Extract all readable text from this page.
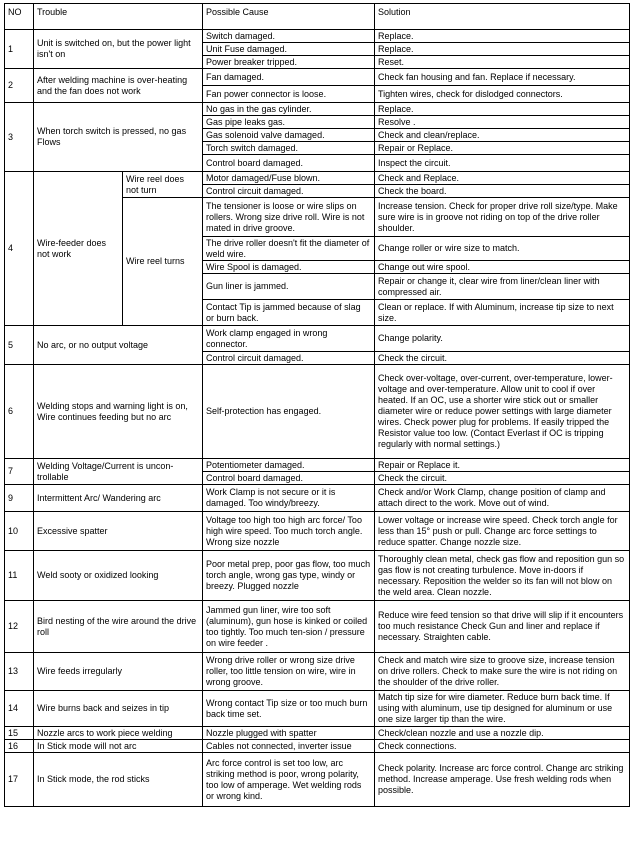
NO	Trouble		Possible Cause	Solution
1	Unit is switched on, but the power light isn't on		Switch damaged.	Replace.
			Unit Fuse damaged.	Replace.
			Power breaker tripped.	Reset.
2	After welding machine is over-heating and the fan does not work		Fan damaged.	Check fan housing and fan. Replace if necessary.
			Fan power connector is loose.	Tighten wires, check for dislodged connectors.
3	When torch switch is pressed, no gas Flows		No gas in the gas cylinder.	Replace.
			Gas pipe leaks gas.	Resolve .
			Gas solenoid valve damaged.	Check and clean/replace.
			Torch switch damaged.	Repair or Replace.
			Control board damaged.	Inspect the circuit.
4	Wire-feeder does not work	Wire reel does not turn	Motor damaged/Fuse blown.	Check and Replace.
			Control circuit damaged.	Check the board.
		Wire reel turns	The tensioner is loose or wire slips on rollers. Wrong size drive roll. Wire is not mated in drive groove.	Increase tension. Check for proper drive roll size/type. Make sure wire is in groove not riding on top of the drive roller shoulder.
			The drive roller doesn't fit the diameter of weld wire.	Change roller or wire size to match.
			Wire Spool is damaged.	Change out wire spool.
			Gun liner is jammed.	Repair or change it, clear wire from liner/clean liner with compressed air.
			Contact Tip is jammed because of slag or burn back.	Clean or replace. If with Aluminum, increase tip size to next size.
5	No arc, or no output voltage		Work clamp engaged in wrong connector.	Change polarity.
			Control circuit damaged.	Check the circuit.
6	Welding stops and warning light is on, Wire continues feeding but no arc		Self-protection has engaged.	Check over-voltage, over-current, over-temperature, lower-voltage and over-temperature. Allow unit to cool if over heated. If an OC, use a shorter wire stick out or smaller diameter wire or reduce power settings with large diameter wires. Check power plug for problems. If easily tripped the Resistor value too low. (Contact Everlast if OC is tripping regularly with normal settings.)
7	Welding Voltage/Current is uncon-trollable		Potentiometer damaged.	Repair or Replace it.
			Control board damaged.	Check the circuit.
9	Intermittent Arc/ Wandering arc		Work Clamp is not secure or it is damaged. Too windy/breezy.	Check and/or Work Clamp, change position of clamp and attach direct to the work. Move out of wind.
10	Excessive spatter		Voltage too high too high arc force/ Too high wire speed. Too much torch angle. Wrong size nozzle	Lower voltage or increase wire speed. Check torch angle for less than 15° push or pull. Change arc force settings to reduce spatter. Change nozzle size.
11	Weld sooty or oxidized looking		Poor metal prep, poor gas flow, too much torch angle, wrong gas type, windy or breezy. Plugged nozzle	Thoroughly clean metal, check gas flow and reposition gun so gas flow is not creating turbulence. Move in-doors if necessary. Reposition the welder so its fan will not blow on the weld area. Clean nozzle.
12	Bird nesting of the wire around the drive roll		Jammed gun liner, wire too soft (aluminum), gun hose is kinked or coiled too tightly. Too much ten-sion / pressure on wire feeder .	Reduce wire feed tension so that drive will slip if it encounters too much resistance Check Gun and liner and replace if necessary. Straighten cable.
13	Wire feeds irregularly		Wrong drive roller or wrong size drive roller, too little tension on wire, wire in wrong groove.	Check and match wire size to groove size, increase tension on drive rollers. Check to make sure the wire is not riding on the shoulder of the drive roller.
14	Wire burns back and seizes in tip		Wrong contact Tip size or too much burn back time set.	Match tip size for wire diameter. Reduce burn back time. If using with aluminum, use tip designed for aluminum or use one size larger tip than the wire.
15	Nozzle arcs to work piece welding		Nozzle plugged with spatter	Check/clean nozzle and use a nozzle dip.
16	In Stick mode will not arc		Cables not connected, inverter issue	Check connections.
17	In Stick mode, the rod sticks		Arc force control is set too low, arc striking method is poor, wrong polarity, too low of amperage. Wet welding rods or wrong kind.	Check polarity. Increase arc force control. Change arc striking method. Increase amperage. Use fresh welding rods when possible.
